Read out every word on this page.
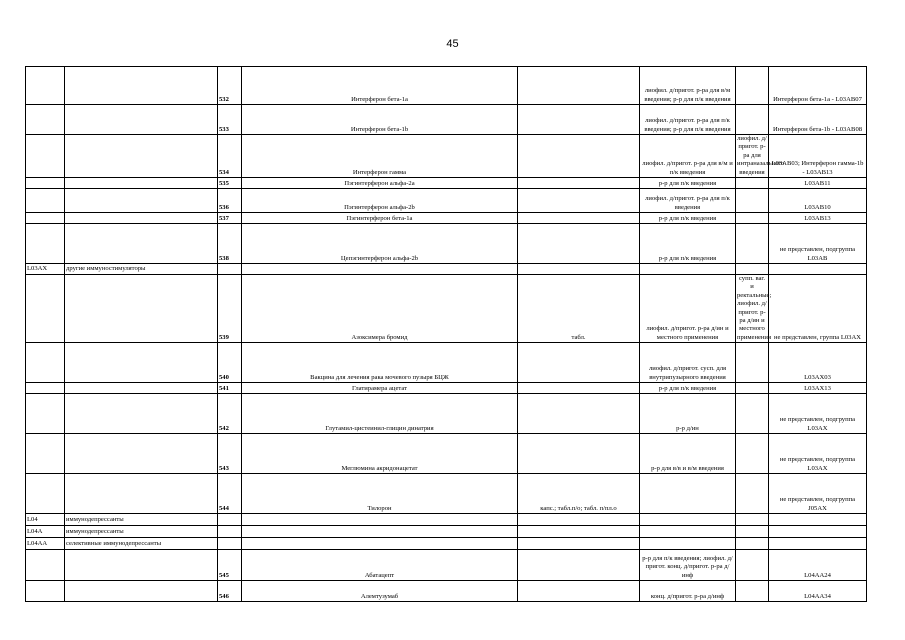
45
		532	Интерферон бета-1а		лиофил. д/пригот. р-ра для в/м введения; р-р для п/к введения		Интерферон бета-1а - L03AB07
		533	Интерферон бета-1b		лиофил. д/пригот. р-ра для п/к введения; р-р для п/к введения		Интерферон бета-1b - L03AB08
		534	Интерферон гамма		лиофил. д/пригот. р-ра для в/м и п/к введения	лиофил. д/пригот. р-ра для интраназального введения	L03AB03; Интерферон гамма-1b - L03AB13
		535	Пэгинтерферон альфа-2а		р-р для п/к введения		L03AB11
		536	Пэгинтерферон альфа-2b		лиофил. д/пригот. р-ра для п/к введения		L03AB10
		537	Пэгинтерферон бета-1а		р-р для п/к введения		L03AB13
		538	Цепэгинтерферон альфа-2b		р-р для п/к введения		не представлен, подгруппа L03AB
L03AX	другие иммуностимуляторы						
		539	Азоксимера бромид	табл.	лиофил. д/пригот. р-ра д/ин и местного применения	супп. ваг. и ректальные; лиофил. д/пригот. р-ра д/ин и местного применения	не представлен, группа L03AX
		540	Вакцина для лечения рака мочевого пузыря БЦЖ		лиофил. д/пригот. сусп. для внутрипузырного введения		L03AX03
		541	Глатирамера ацетат		р-р для п/к введения		L03AX13
		542	Глутамил-цистеинил-глицин динатрия		р-р д/ин		не представлен, подгруппа L03AX
		543	Меглюмина акридонацетат		р-р для в/в и в/м введения		не представлен, подгруппа L03AX
		544	Тилорон	капс.; табл.п/о; табл. п/пл.о			не представлен, подгруппа J05AX
L04	иммунодепрессанты						
L04A	иммунодепрессанты						
L04AA	селективные иммунодепрессанты						
		545	Абатацепт		р-р для п/к введения; лиофил. д/пригот. конц. д/пригот. р-ра д/инф		L04AA24
		546	Алемтузумаб		конц. д/пригот. р-ра д/инф		L04AA34
